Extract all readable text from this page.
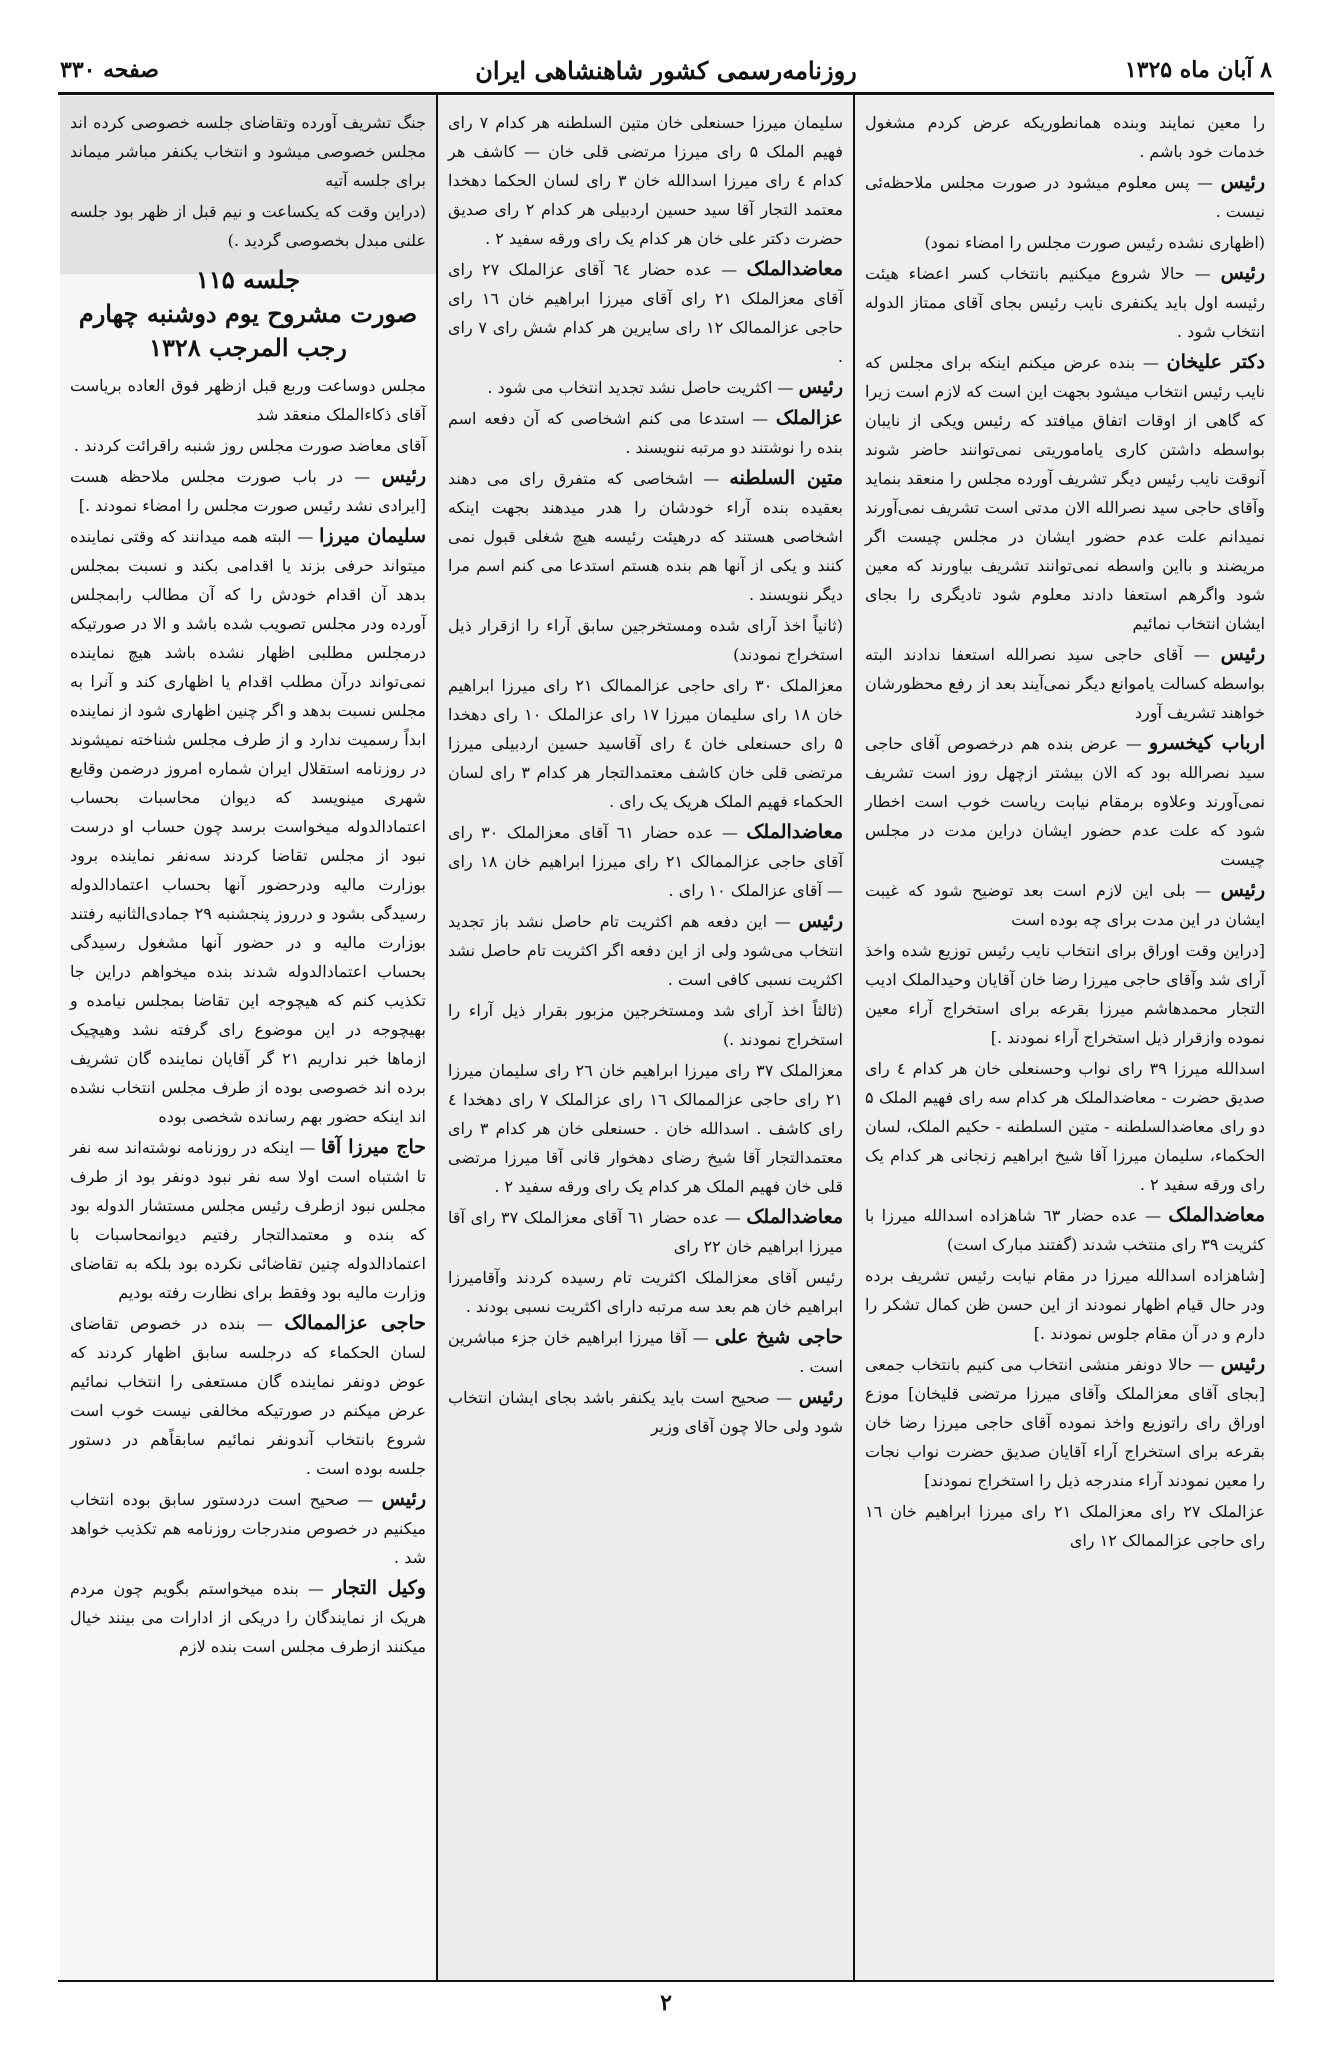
۸ آبان ماه ۱۳۲۵
روزنامه‌رسمی کشور شاهنشاهی ایران
صفحه ۳۳۰

را معین نمایند وبنده همانطوریکه عرض کردم مشغول خدمات خود باشم .

رئیس — پس معلوم میشود در صورت مجلس ملاحظه‌ئی نیست .

(اظهاری نشده رئیس صورت مجلس را امضاء نمود)

رئیس — حالا شروع میکنیم بانتخاب کسر اعضاء هیئت رئیسه اول باید یکنفری نایب رئیس بجای آقای ممتاز الدوله انتخاب شود .

دکتر علیخان — بنده عرض میکنم اینکه برای مجلس که نایب رئیس انتخاب میشود بجهت این است که لازم است زیرا که گاهی از اوقات اتفاق میافتد که رئیس ویکی از نایبان بواسطه داشتن کاری یاماموریتی نمی‌توانند حاضر شوند آنوقت نایب رئیس دیگر تشریف آورده مجلس را منعقد بنماید وآقای حاجی سید نصرالله الان مدتی است تشریف نمی‌آورند نمیدانم علت عدم حضور ایشان در مجلس چیست اگر مریضند و بااین واسطه نمی‌توانند تشریف بیاورند که معین شود واگرهم استعفا دادند معلوم شود تادیگری را بجای ایشان انتخاب نمائیم

رئیس — آقای حاجی سید نصرالله استعفا ندادند البته بواسطه کسالت یاموانع دیگر نمی‌آیند بعد از رفع محظورشان خواهند تشریف آورد

ارباب کیخسرو — عرض بنده هم درخصوص آقای حاجی سید نصرالله بود که الان بیشتر ازچهل روز است تشریف نمی‌آورند وعلاوه برمقام نیابت ریاست خوب است اخطار شود که علت عدم حضور ایشان دراین مدت در مجلس چیست

رئیس — بلی این لازم است بعد توضیح شود که غیبت ایشان در این مدت برای چه بوده است

[دراین وقت اوراق برای انتخاب نایب رئیس توزیع شده واخذ آرای شد وآقای حاجی میرزا رضا خان آقایان وحیدالملک ادیب التجار محمدهاشم میرزا بقرعه برای استخراج آراء معین نموده وازقرار ذیل استخراج آراء نمودند .]

اسدالله میرزا ۳۹ رای نواب وحسنعلی خان هر کدام ٤ رای صدیق حضرت - معاضدالملک هر کدام سه رای فهیم الملک ۵ دو رای معاضدالسلطنه - متین السلطنه - حکیم الملک، لسان الحکماء، سلیمان میرزا آقا شیخ ابراهیم زنجانی هر کدام یک رای ورقه سفید ۲ .

معاضدالملک — عده حضار ٦٣ شاهزاده اسدالله میرزا با کثریت ۳۹ رای منتخب شدند (گفتند مبارک است)

[شاهزاده اسدالله میرزا در مقام نیابت رئیس تشریف برده ودر حال قیام اظهار نمودند از این حسن ظن کمال تشکر را دارم و در آن مقام جلوس نمودند .]

رئیس — حالا دونفر منشی انتخاب می کنیم بانتخاب جمعی [بجای آقای معزالملک وآقای میرزا مرتضی قلیخان] موزع اوراق رای راتوزیع واخذ نموده آقای حاجی میرزا رضا خان بقرعه برای استخراج آراء آقایان صدیق حضرت نواب نجات را معین نمودند آراء مندرجه ذیل را استخراج نمودند]

عزالملک ۲۷ رای معزالملک ۲۱ رای میرزا ابراهیم خان ۱٦ رای حاجی عزالممالک ۱۲ رای

سلیمان میرزا حسنعلی خان متین السلطنه هر کدام ۷ رای فهیم الملک ۵ رای میرزا مرتضی قلی خان — کاشف هر کدام ٤ رای میرزا اسدالله خان ۳ رای لسان الحکما دهخدا معتمد التجار آقا سید حسین اردبیلی هر کدام ۲ رای صدیق حضرت دکتر علی خان هر کدام یک رای ورقه سفید ۲ .

معاضدالملک — عده حضار ٦٤ آقای عزالملک ۲۷ رای آقای معزالملک ۲۱ رای آقای میرزا ابراهیم خان ۱٦ رای حاجی عزالممالک ۱۲ رای سایرین هر کدام شش رای ۷ رای .

رئیس — اکثریت حاصل نشد تجدید انتخاب می شود .

عزالملک — استدعا می کنم اشخاصی که آن دفعه اسم بنده را نوشتند دو مرتبه ننویسند .

متین السلطنه — اشخاصی که متفرق رای می دهند بعقیده بنده آراء خودشان را هدر میدهند بجهت اینکه اشخاصی هستند که درهیئت رئیسه هیچ شغلی قبول نمی کنند و یکی از آنها هم بنده هستم استدعا می کنم اسم مرا دیگر ننویسند .

(ثانیاً اخذ آرای شده ومستخرجین سابق آراء را ازقرار ذیل استخراج نمودند)

معزالملک ۳۰ رای حاجی عزالممالک ۲۱ رای میرزا ابراهیم خان ۱۸ رای سلیمان میرزا ۱۷ رای عزالملک ۱۰ رای دهخدا ۵ رای حسنعلی خان ٤ رای آقاسید حسین اردبیلی میرزا مرتضی قلی خان کاشف معتمدالتجار هر کدام ۳ رای لسان الحکماء فهیم الملک هریک یک رای .

معاضدالملک — عده حضار ٦١ آقای معزالملک ۳۰ رای آقای حاجی عزالممالک ۲۱ رای میرزا ابراهیم خان ۱۸ رای — آقای عزالملک ۱۰ رای .

رئیس — این دفعه هم اکثریت تام حاصل نشد باز تجدید انتخاب می‌شود ولی از این دفعه اگر اکثریت تام حاصل نشد اکثریت نسبی کافی است .

(ثالثاً اخذ آرای شد ومستخرجین مزبور بقرار ذیل آراء را استخراج نمودند .)

معزالملک ۳۷ رای میرزا ابراهیم خان ۲٦ رای سلیمان میرزا ۲۱ رای حاجی عزالممالک ۱٦ رای عزالملک ۷ رای دهخدا ٤ رای کاشف . اسدالله خان . حسنعلی خان هر کدام ۳ رای معتمدالتجار آقا شیخ رضای دهخوار قانی آقا میرزا مرتضی قلی خان فهیم الملک هر کدام یک رای ورقه سفید ۲ .

معاضدالملک — عده حضار ٦۱ آقای معزالملک ۳۷ رای آقا میرزا ابراهیم خان ۲۲ رای

رئیس آقای معزالملک اکثریت تام رسیده کردند وآقامیرزا ابراهیم خان هم بعد سه مرتبه دارای اکثریت نسبی بودند .

حاجی شیخ علی — آقا میرزا ابراهیم خان جزء مباشرین است .

رئیس — صحیح است باید یکنفر باشد بجای ایشان انتخاب شود ولی حالا چون آقای وزیر

جنگ تشریف آورده وتقاضای جلسه خصوصی کرده اند مجلس خصوصی میشود و انتخاب یکنفر مباشر میماند برای جلسه آتیه

(دراین وقت که یکساعت و نیم قبل از ظهر بود جلسه علنی مبدل بخصوصی گردید .)

جلسه ۱۱۵
صورت مشروح یوم دوشنبه چهارم رجب المرجب ۱۳۲۸

مجلس دوساعت وربع قبل ازظهر فوق العاده بریاست آقای ذکاءالملک منعقد شد

آقای معاضد صورت مجلس روز شنبه راقرائت کردند .

رئیس — در باب صورت مجلس ملاحظه هست [ایرادی نشد رئیس صورت مجلس را امضاء نمودند .]

سلیمان میرزا — البته همه میدانند که وقتی نماینده میتواند حرفی بزند یا اقدامی بکند و نسبت بمجلس بدهد آن اقدام خودش را که آن مطالب رابمجلس آورده ودر مجلس تصویب شده باشد و الا در صورتیکه درمجلس مطلبی اظهار نشده باشد هیچ نماینده نمی‌تواند درآن مطلب اقدام یا اظهاری کند و آنرا به مجلس نسبت بدهد و اگر چنین اظهاری شود از نماینده ابداً رسمیت ندارد و از طرف مجلس شناخته نمیشوند در روزنامه استقلال ایران شماره امروز درضمن وقایع شهری مینویسد که دیوان محاسبات بحساب اعتمادالدوله میخواست برسد چون حساب او درست نبود از مجلس تقاضا کردند سه‌نفر نماینده برود بوزارت مالیه ودرحضور آنها بحساب اعتمادالدوله رسیدگی بشود و درروز پنجشنبه ۲۹ جمادی‌الثانیه رفتند بوزارت مالیه و در حضور آنها مشغول رسیدگی بحساب اعتمادالدوله شدند بنده میخواهم دراین جا تکذیب کنم که هیچوجه این تقاضا بمجلس نیامده و بهیچوجه در این موضوع رای گرفته نشد وهیچیک ازماها خبر نداریم ۲۱ گر آقایان نماینده گان تشریف برده اند خصوصی بوده از طرف مجلس انتخاب نشده اند اینکه حضور بهم رسانده شخصی بوده

حاج میرزا آقا — اینکه در روزنامه نوشته‌اند سه نفر تا اشتباه است اولا سه نفر نبود دونفر بود از طرف مجلس نبود ازطرف رئیس مجلس مستشار الدوله بود که بنده و معتمدالتجار رفتیم دیوانمحاسبات با اعتمادالدوله چنین تقاضائی نکرده بود بلکه به تقاضای وزارت مالیه بود وفقط برای نظارت رفته بودیم

حاجی عزالممالک — بنده در خصوص تقاضای لسان الحکماء که درجلسه سابق اظهار کردند که عوض دونفر نماینده گان مستعفی را انتخاب نمائیم عرض میکنم در صورتیکه مخالفی نیست خوب است شروع بانتخاب آندونفر نمائیم سابقاًهم در دستور جلسه بوده است .

رئیس — صحیح است دردستور سابق بوده انتخاب میکنیم در خصوص مندرجات روزنامه هم تکذیب خواهد شد .

وکیل التجار — بنده میخواستم بگویم چون مردم هریک از نمایندگان را دریکی از ادارات می بینند خیال میکنند ازطرف مجلس است بنده لازم

۲
